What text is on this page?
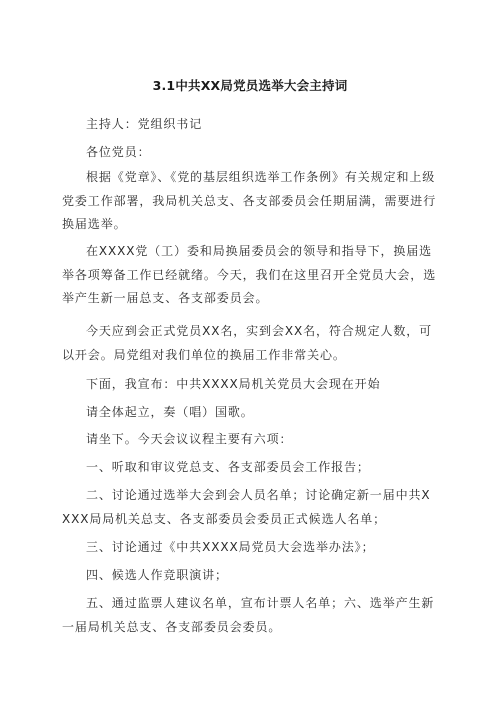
3.1中共XX局党员选举大会主持词
主持人：党组织书记
各位党员：

根据《党章》、《党的基层组织选举工作条例》有关规定和上级党委工作部署，我局机关总支、各支部委员会任期届满，需要进行换届选举。

在XXXX党（工）委和局换届委员会的领导和指导下，换届选举各项筹备工作已经就绪。今天，我们在这里召开全党员大会，选举产生新一届总支、各支部委员会。

今天应到会正式党员XX名，实到会XX名，符合规定人数，可以开会。局党组对我们单位的换届工作非常关心。

下面，我宣布：中共XXXX局机关党员大会现在开始
请全体起立，奏（唱）国歌。
请坐下。今天会议议程主要有六项：
一、听取和审议党总支、各支部委员会工作报告；

二、讨论通过选举大会到会人员名单；讨论确定新一届中共XXXX局局机关总支、各支部委员会委员正式候选人名单；

三、讨论通过《中共XXXX局党员大会选举办法》；
四、候选人作竞职演讲；

五、通过监票人建议名单，宣布计票人名单；六、选举产生新一届局机关总支、各支部委员会委员。
